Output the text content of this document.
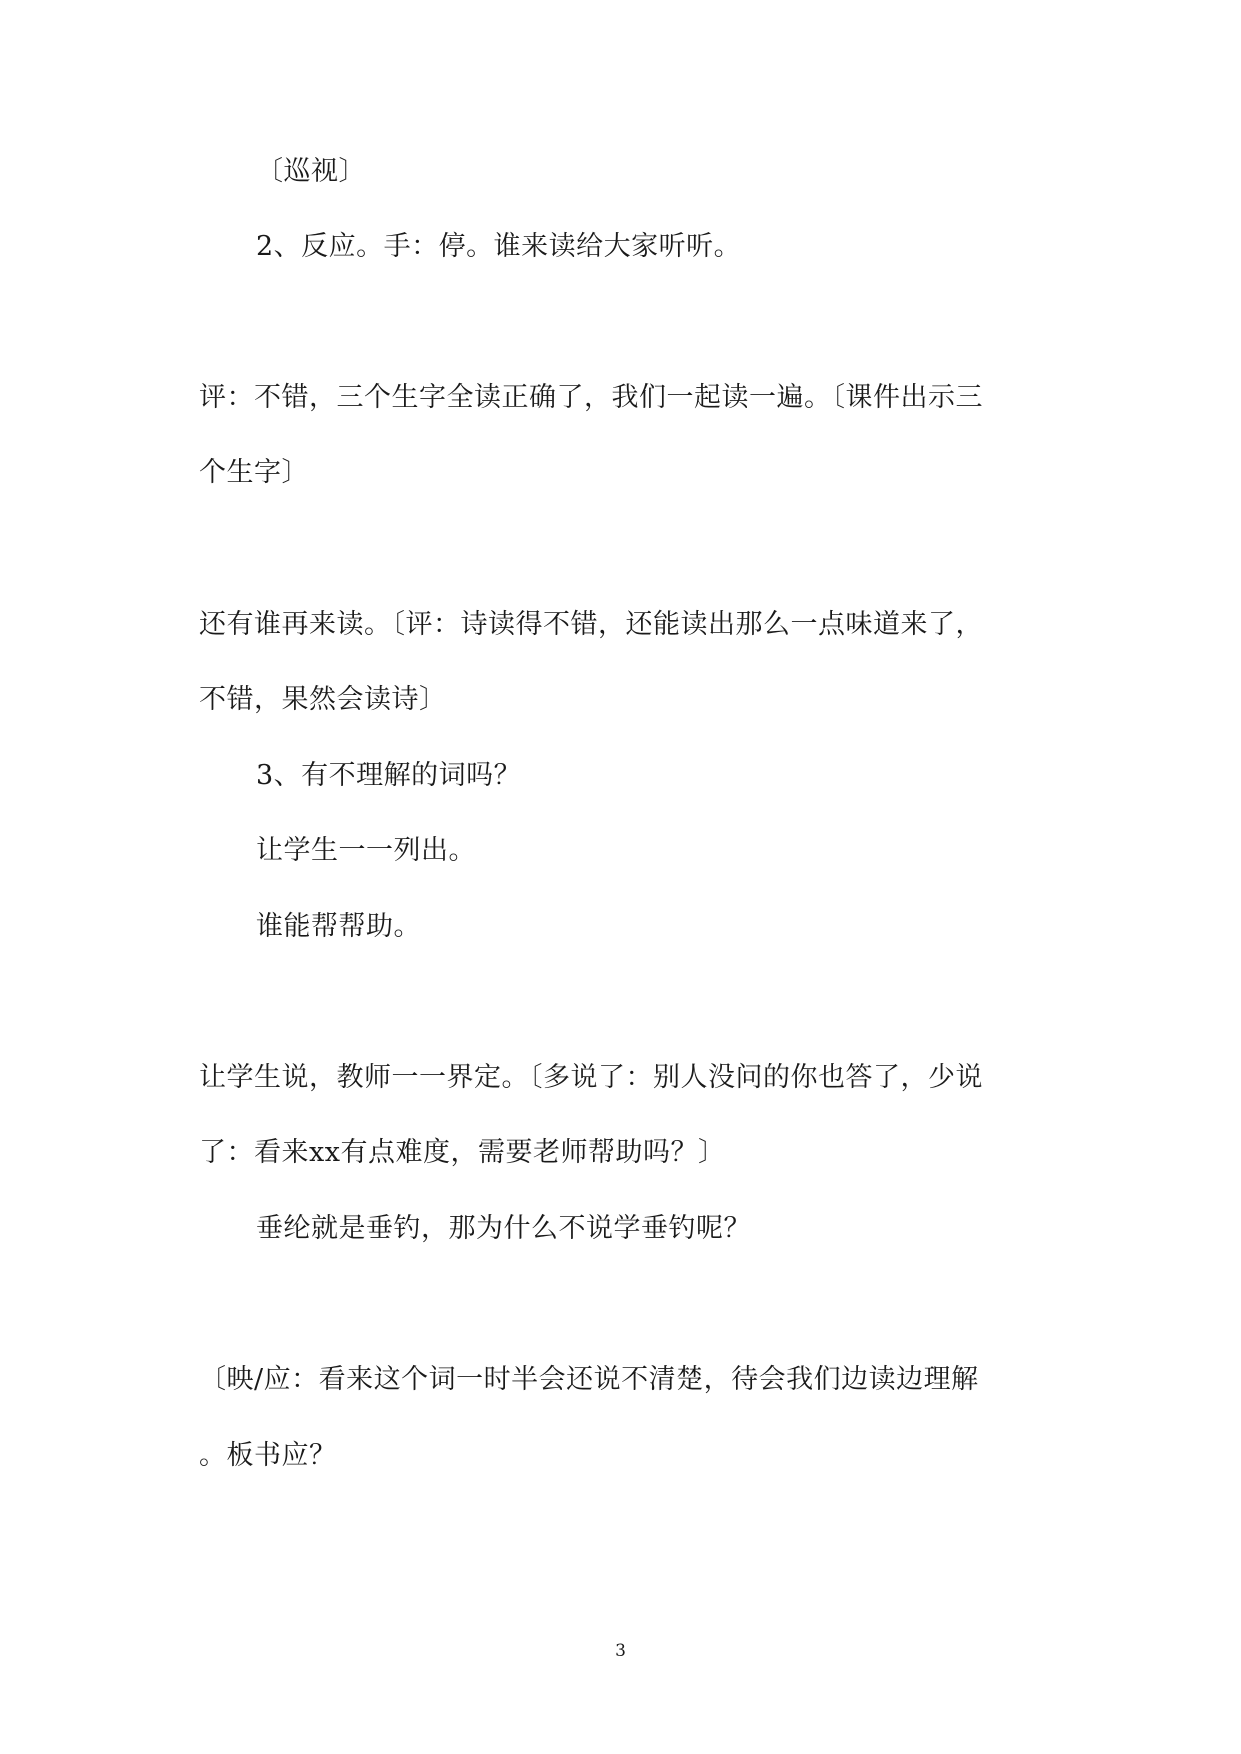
〔巡视〕
2、反应。手：停。谁来读给大家听听。
评：不错，三个生字全读正确了，我们一起读一遍。〔课件出示三
个生字〕
还有谁再来读。〔评：诗读得不错，还能读出那么一点味道来了，
不错，果然会读诗〕
3、有不理解的词吗？
让学生一一列出。
谁能帮帮助。
让学生说，教师一一界定。〔多说了：别人没问的你也答了，少说
了：看来xx有点难度，需要老师帮助吗？〕
垂纶就是垂钓，那为什么不说学垂钓呢？
〔映/应：看来这个词一时半会还说不清楚，待会我们边读边理解
。板书应？
3
